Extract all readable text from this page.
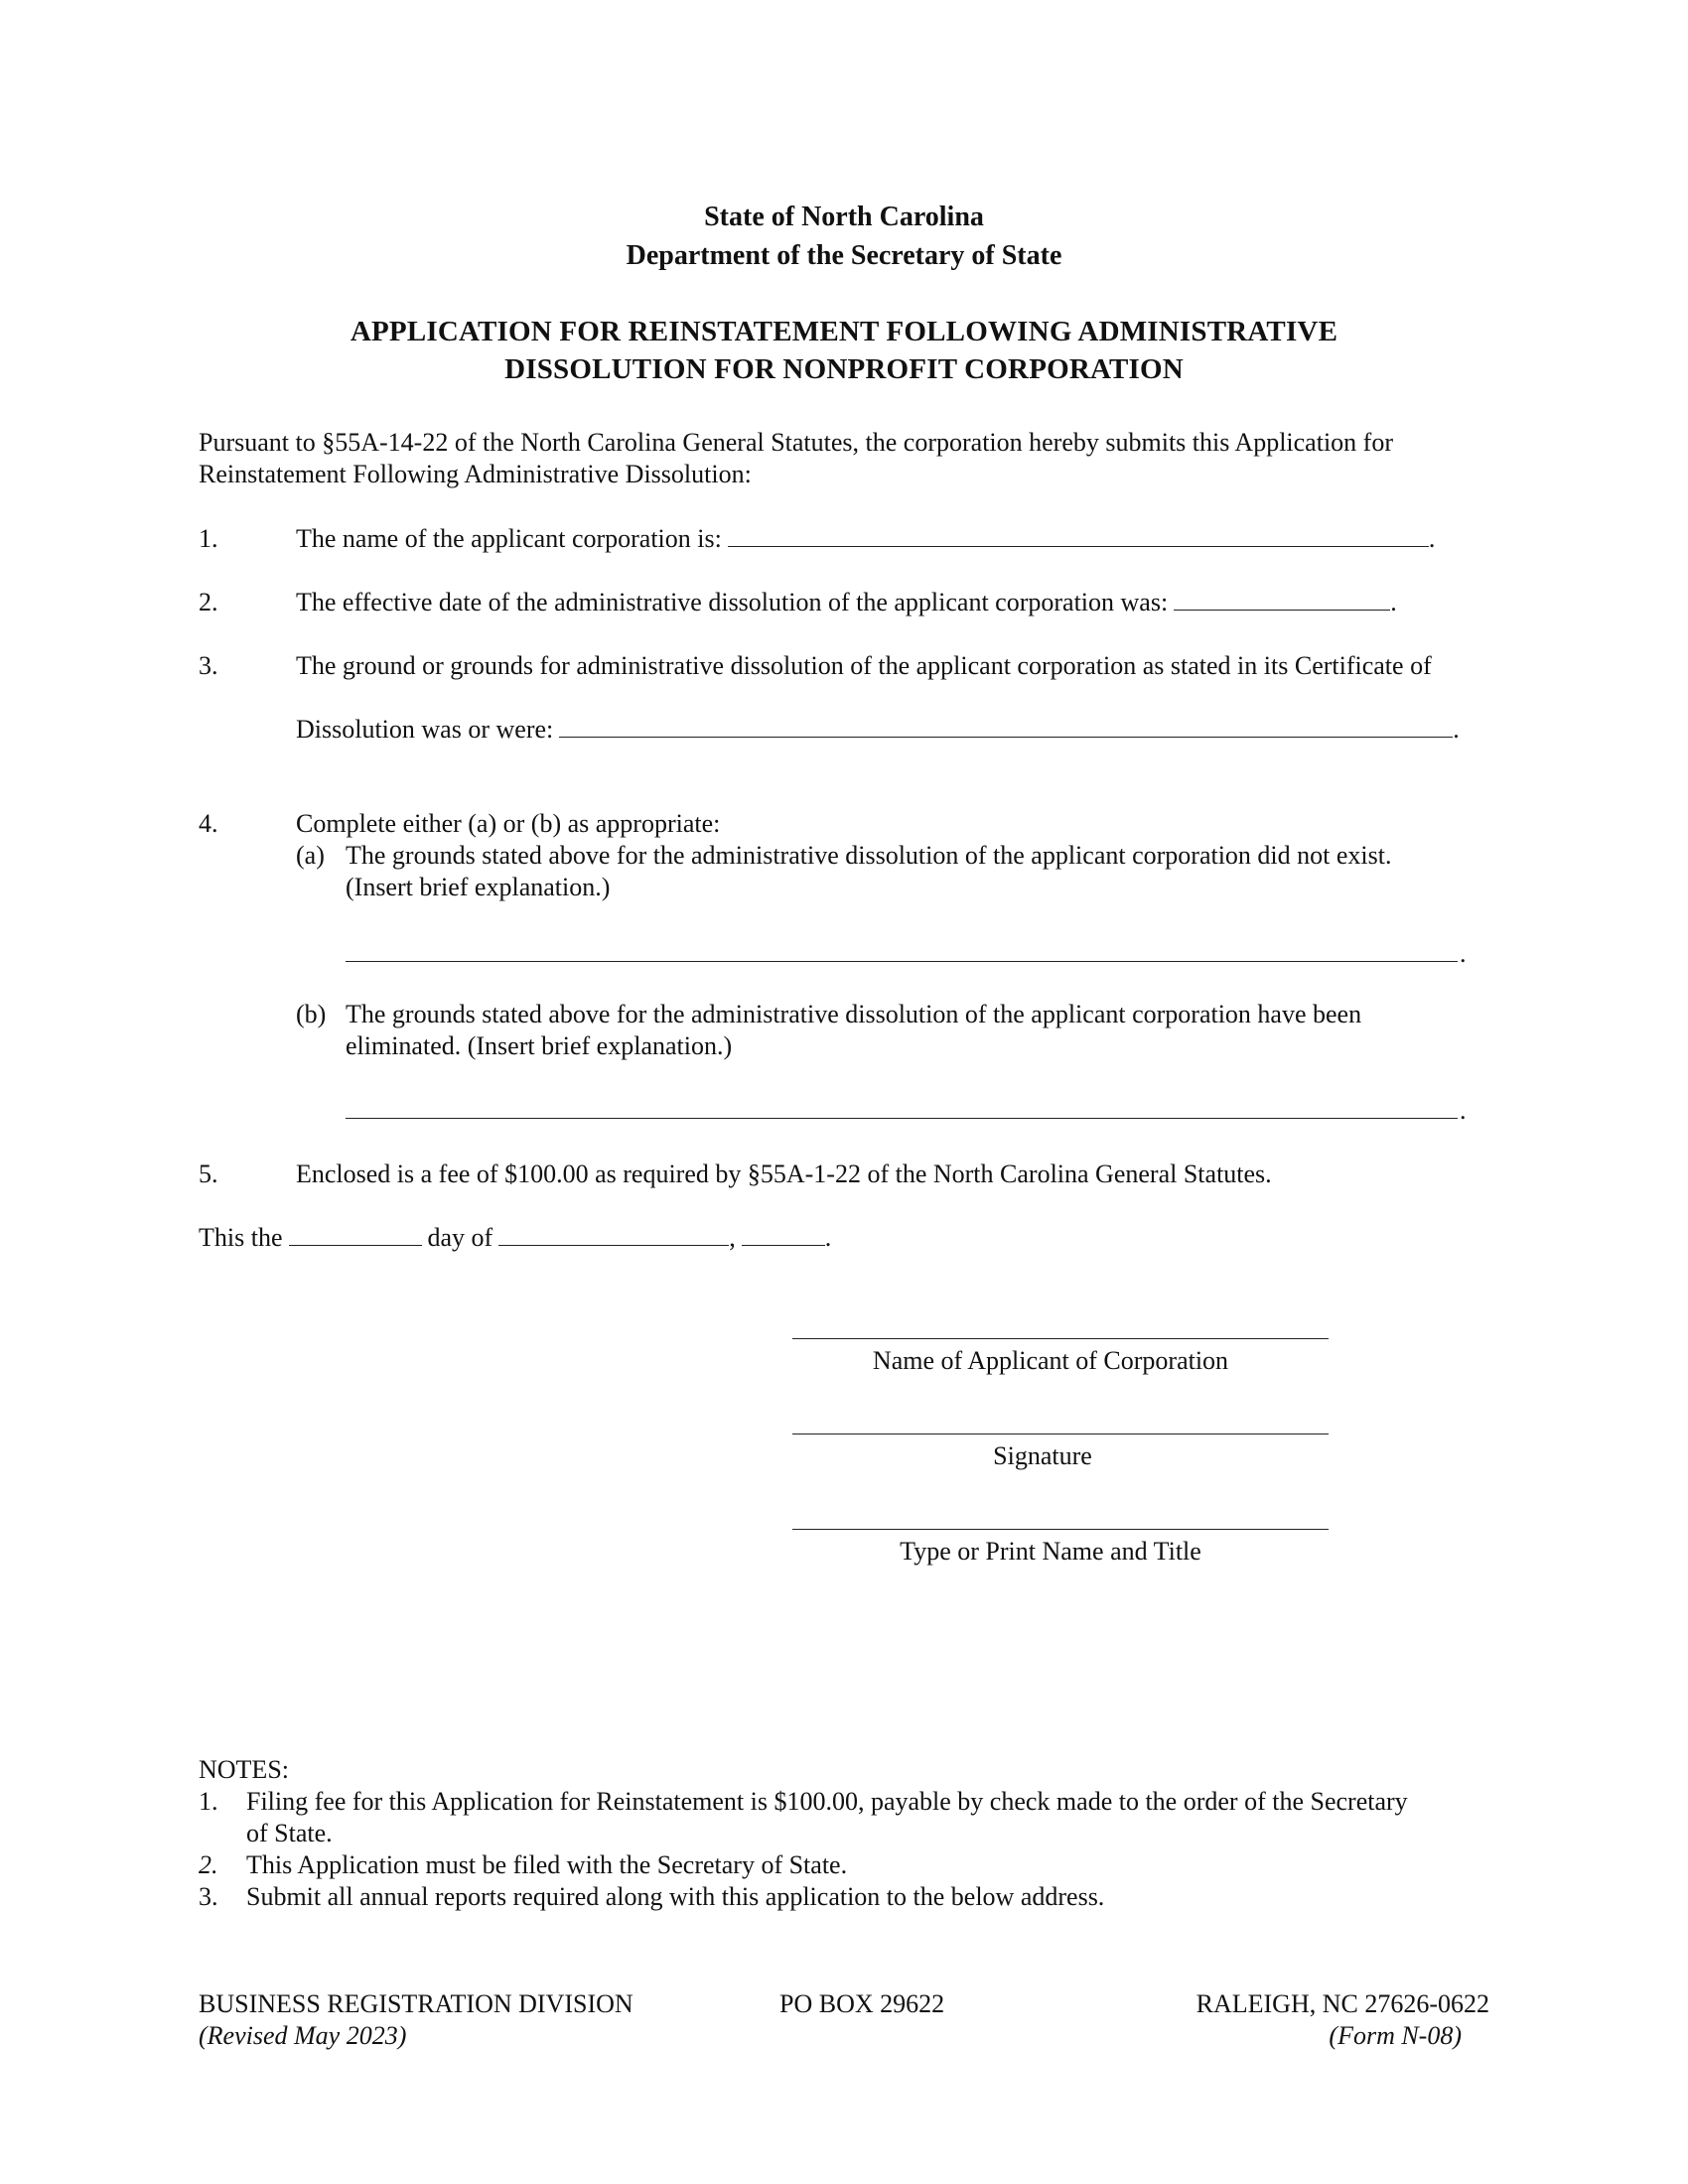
State of North Carolina
Department of the Secretary of State
APPLICATION FOR REINSTATEMENT FOLLOWING ADMINISTRATIVE
DISSOLUTION FOR NONPROFIT CORPORATION
Pursuant to §55A-14-22 of the North Carolina General Statutes, the corporation hereby submits this Application for
Reinstatement Following Administrative Dissolution:
1.	The name of the applicant corporation is:	.
2.	The effective date of the administrative dissolution of the applicant corporation was:	.
3.	The ground or grounds for administrative dissolution of the applicant corporation as stated in its Certificate of
Dissolution was or were:	.
4.	Complete either (a) or (b) as appropriate:
(a) The grounds stated above for the administrative dissolution of the applicant corporation did not exist.
(Insert brief explanation.)
.
(b) The grounds stated above for the administrative dissolution of the applicant corporation have been
eliminated. (Insert brief explanation.)
.
5.	Enclosed is a fee of $100.00 as required by §55A-1-22 of the North Carolina General Statutes.
This the	day of	,	.
Name of Applicant of Corporation
Signature
Type or Print Name and Title
NOTES:
1. Filing fee for this Application for Reinstatement is $100.00, payable by check made to the order of the Secretary
of State.
2. This Application must be filed with the Secretary of State.
3. Submit all annual reports required along with this application to the below address.
BUSINESS REGISTRATION DIVISION	PO BOX 29622	RALEIGH, NC 27626-0622
(Revised May 2023)	(Form N-08)
